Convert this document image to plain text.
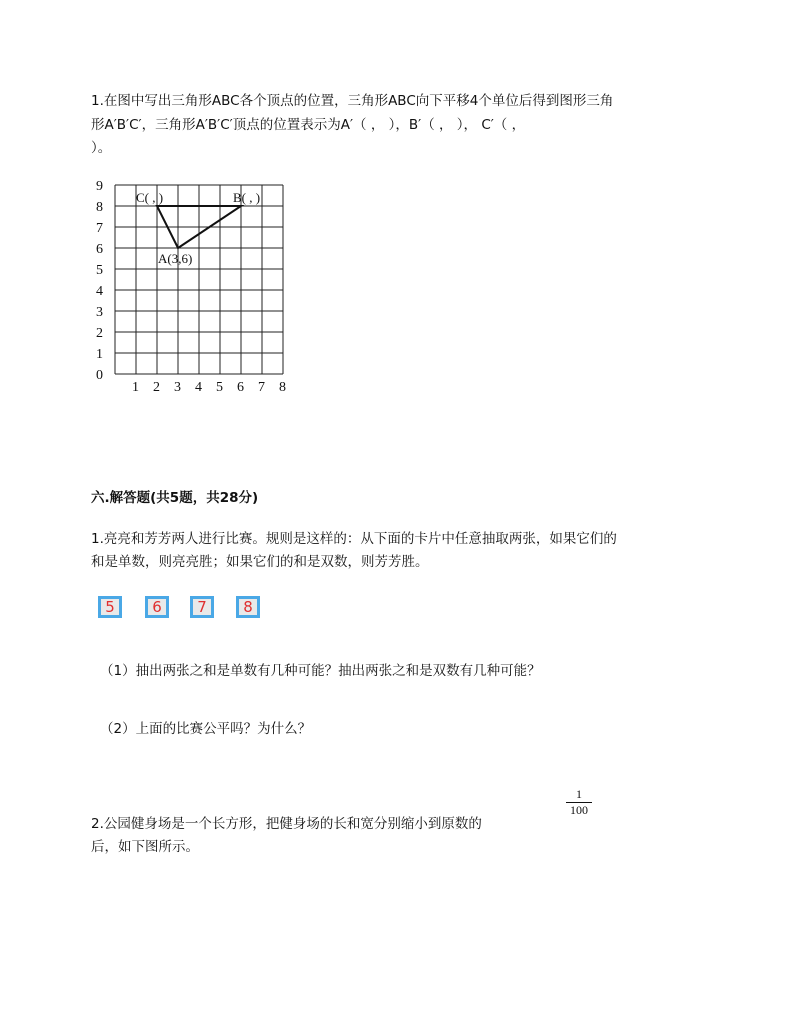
1.在图中写出三角形ABC各个顶点的位置，三角形ABC向下平移4个单位后得到图形三角
形A′B′C′，三角形A′B′C′顶点的位置表示为A′（ ， ），B′（ ， ）， C′（ ，
）。
0
1
2
3
4
5
6
7
8
9
1 2 3 4 5 6 7 8
C( , )	B( , )
A(3,6)
六.解答题(共5题，共28分)
1.亮亮和芳芳两人进行比赛。规则是这样的：从下面的卡片中任意抽取两张，如果它们的
和是单数，则亮亮胜；如果它们的和是双数，则芳芳胜。
5	6	7	8
（1）抽出两张之和是单数有几种可能？抽出两张之和是双数有几种可能？
（2）上面的比赛公平吗？为什么？
1
100
2.公园健身场是一个长方形，把健身场的长和宽分别缩小到原数的
后，如下图所示。
